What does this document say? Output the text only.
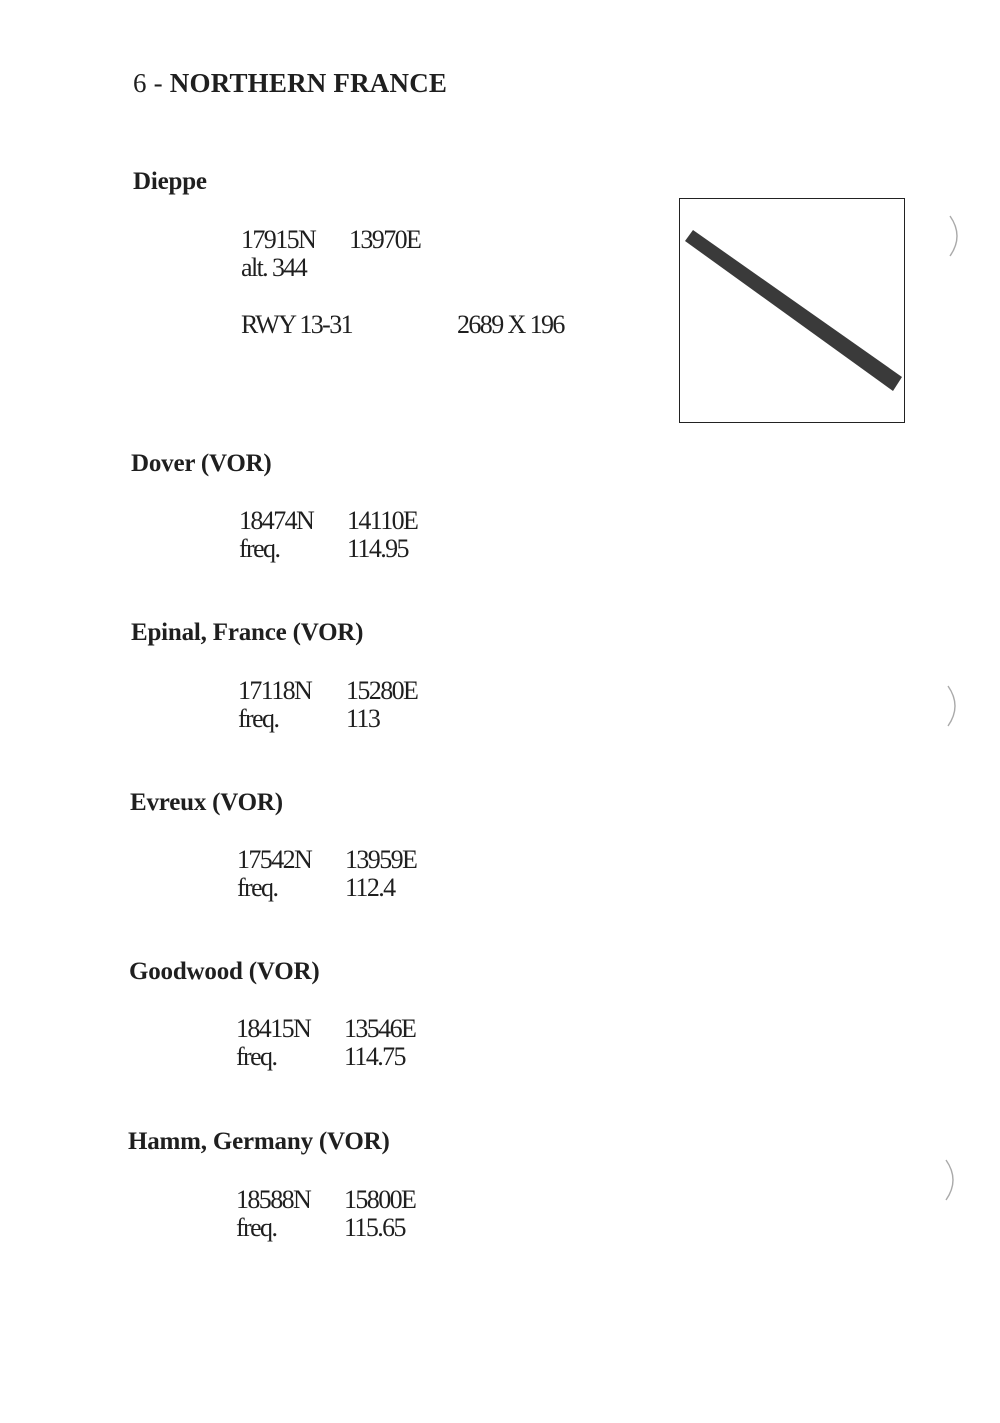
6 - NORTHERN FRANCE
Dieppe
17915N 13970E
alt. 344
RWY 13-31	2689 X 196
Dover (VOR)
18474N 14110E
freq.	114.95
Epinal, France (VOR)
17118N 15280E
freq.	113
Evreux (VOR)
17542N 13959E
freq.	112.4
Goodwood (VOR)
18415N 13546E
freq.	114.75
Hamm, Germany (VOR)
18588N 15800E
freq.	115.65
